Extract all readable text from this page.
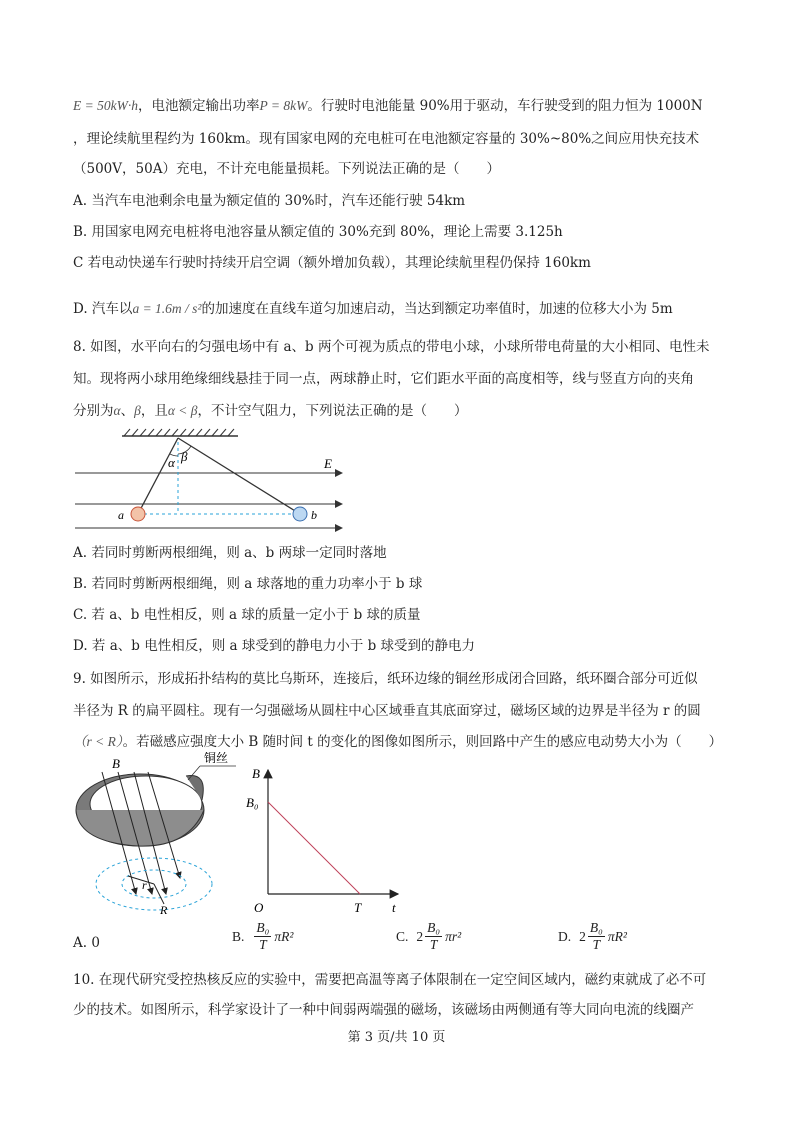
E = 50kW·h，电池额定输出功率P = 8kW。行驶时电池能量 90%用于驱动，车行驶受到的阻力恒为 1000N
，理论续航里程约为 160km。现有国家电网的充电桩可在电池额定容量的 30%~80%之间应用快充技术
（500V，50A）充电，不计充电能量损耗。下列说法正确的是（　　）
A. 当汽车电池剩余电量为额定值的 30%时，汽车还能行驶 54km
B. 用国家电网充电桩将电池容量从额定值的 30%充到 80%，理论上需要 3.125h
C 若电动快递车行驶时持续开启空调（额外增加负载），其理论续航里程仍保持 160km
D. 汽车以a = 1.6m / s²的加速度在直线车道匀加速启动，当达到额定功率值时，加速的位移大小为 5m
8. 如图，水平向右的匀强电场中有 a、b 两个可视为质点的带电小球，小球所带电荷量的大小相同、电性未
知。现将两小球用绝缘细线悬挂于同一点，两球静止时，它们距水平面的高度相等，线与竖直方向的夹角
分别为α、β，且α < β，不计空气阻力，下列说法正确的是（　　）
E
α β
a	b
A. 若同时剪断两根细绳，则 a、b 两球一定同时落地
B. 若同时剪断两根细绳，则 a 球落地的重力功率小于 b 球
C. 若 a、b 电性相反，则 a 球的质量一定小于 b 球的质量
D. 若 a、b 电性相反，则 a 球受到的静电力小于 b 球受到的静电力
9. 如图所示，形成拓扑结构的莫比乌斯环，连接后，纸环边缘的铜丝形成闭合回路，纸环圈合部分可近似
半径为 R 的扁平圆柱。现有一匀强磁场从圆柱中心区域垂直其底面穿过，磁场区域的边界是半径为 r 的圆
（r < R）。若磁感应强度大小 B 随时间 t 的变化的图像如图所示，则回路中产生的感应电动势大小为（　　）
铜丝
B
r
R
B
t
O
B₀
T
A. 0	B. $\frac{\text{B₀}}{T} \pi R^2$	C. $2 \frac{\text{B₀}}{T} \pi r^2$	D. $2 \frac{\text{B₀}}{T} \pi R^2$
10. 在现代研究受控热核反应的实验中，需要把高温等离子体限制在一定空间区域内，磁约束就成了必不可
少的技术。如图所示，科学家设计了一种中间弱两端强的磁场，该磁场由两侧通有等大同向电流的线圈产
第 3 页/共 10 页
